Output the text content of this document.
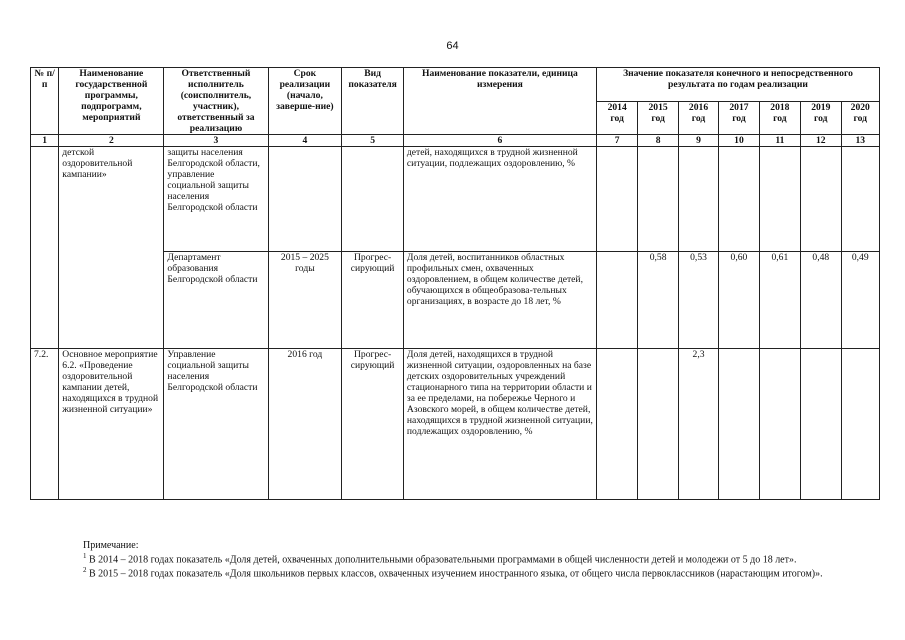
64
№ п/п	Наименование государственной программы, подпрограмм, мероприятий	Ответственный исполнитель (соисполнитель, участник), ответственный за реализацию	Срок реализации (начало, заверше-ние)	Вид показателя	Наименование показатели, единица измерения	Значение показателя конечного и непосредственного результата по годам реализации						
						2014 год	2015 год	2016 год	2017 год	2018 год	2019 год	2020 год
1	2	3	4	5	6	7	8	9	10	11	12	13
	детской оздоровительной кампании»	защиты населения Белгородской области, управление социальной защиты населения Белгородской области			детей, находящихся в трудной жизненной ситуации, подлежащих оздоровлению, %							
		Департамент образования Белгородской области	2015 – 2025 годы	Прогрес-сирующий	Доля детей, воспитанников областных профильных смен, охваченных оздоровлением, в общем количестве детей, обучающихся в общеобразова-тельных организациях, в возрасте до 18 лет, %		0,58	0,53	0,60	0,61	0,48	0,49
7.2.	Основное мероприятие 6.2. «Проведение оздоровительной кампании детей, находящихся в трудной жизненной ситуации»	Управление социальной защиты населения Белгородской области	2016 год	Прогрес-сирующий	Доля детей, находящихся в трудной жизненной ситуации, оздоровленных на базе детских оздоровительных учреждений стационарного типа на территории области и за ее пределами, на побережье Черного и Азовского морей, в общем количестве детей, находящихся в трудной жизненной ситуации, подлежащих оздоровлению, %			2,3				

Примечание:

$^1$ В 2014 – 2018 годах показатель «Доля детей, охваченных дополнительными образовательными программами в общей численности детей и молодежи от 5 до 18 лет».

$^2$ В 2015 – 2018 годах показатель «Доля школьников первых классов, охваченных изучением иностранного языка, от общего числа первоклассников (нарастающим итогом)».
